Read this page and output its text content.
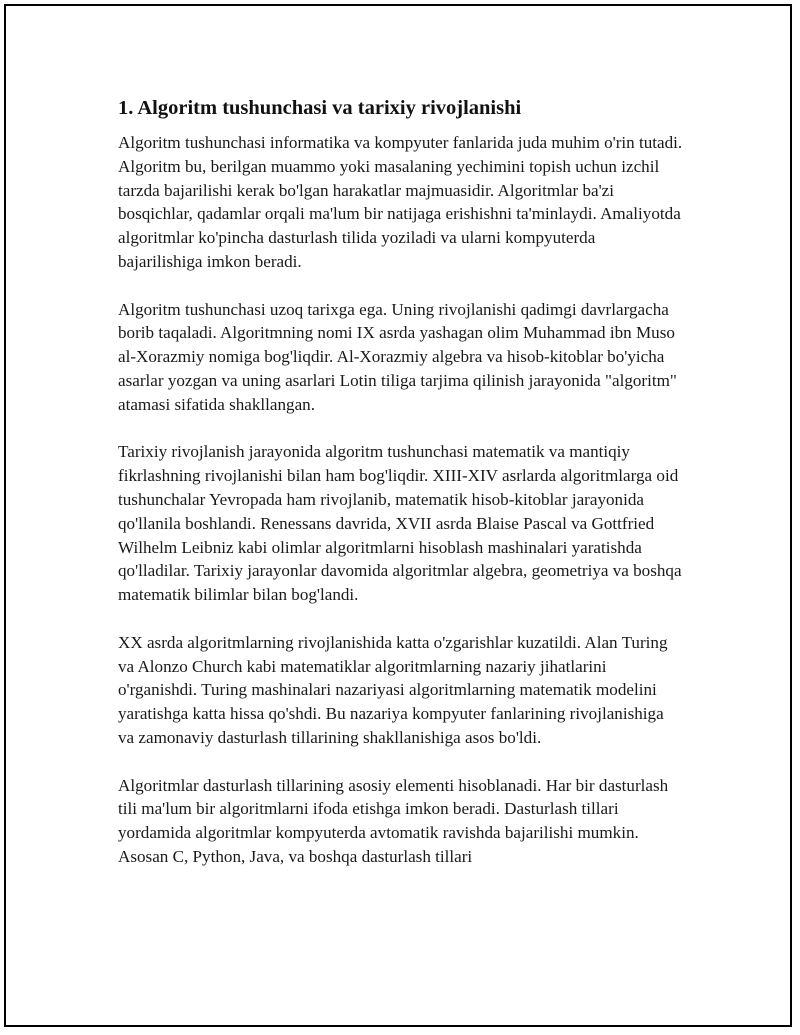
1. Algoritm tushunchasi va tarixiy rivojlanishi

Algoritm tushunchasi informatika va kompyuter fanlarida juda muhim o'rin tutadi. Algoritm bu, berilgan muammo yoki masalaning yechimini topish uchun izchil tarzda bajarilishi kerak bo'lgan harakatlar majmuasidir. Algoritmlar ba'zi bosqichlar, qadamlar orqali ma'lum bir natijaga erishishni ta'minlaydi. Amaliyotda algoritmlar ko'pincha dasturlash tilida yoziladi va ularni kompyuterda bajarilishiga imkon beradi.

Algoritm tushunchasi uzoq tarixga ega. Uning rivojlanishi qadimgi davrlargacha borib taqaladi. Algoritmning nomi IX asrda yashagan olim Muhammad ibn Muso al-Xorazmiy nomiga bog'liqdir. Al-Xorazmiy algebra va hisob-kitoblar bo'yicha asarlar yozgan va uning asarlari Lotin tiliga tarjima qilinish jarayonida "algoritm" atamasi sifatida shakllangan.

Tarixiy rivojlanish jarayonida algoritm tushunchasi matematik va mantiqiy fikrlashning rivojlanishi bilan ham bog'liqdir. XIII-XIV asrlarda algoritmlarga oid tushunchalar Yevropada ham rivojlanib, matematik hisob-kitoblar jarayonida qo'llanila boshlandi. Renessans davrida, XVII asrda Blaise Pascal va Gottfried Wilhelm Leibniz kabi olimlar algoritmlarni hisoblash mashinalari yaratishda qo'lladilar. Tarixiy jarayonlar davomida algoritmlar algebra, geometriya va boshqa matematik bilimlar bilan bog'landi.

XX asrda algoritmlarning rivojlanishida katta o'zgarishlar kuzatildi. Alan Turing va Alonzo Church kabi matematiklar algoritmlarning nazariy jihatlarini o'rganishdi. Turing mashinalari nazariyasi algoritmlarning matematik modelini yaratishga katta hissa qo'shdi. Bu nazariya kompyuter fanlarining rivojlanishiga va zamonaviy dasturlash tillarining shakllanishiga asos bo'ldi.

Algoritmlar dasturlash tillarining asosiy elementi hisoblanadi. Har bir dasturlash tili ma'lum bir algoritmlarni ifoda etishga imkon beradi. Dasturlash tillari yordamida algoritmlar kompyuterda avtomatik ravishda bajarilishi mumkin. Asosan C, Python, Java, va boshqa dasturlash tillari
